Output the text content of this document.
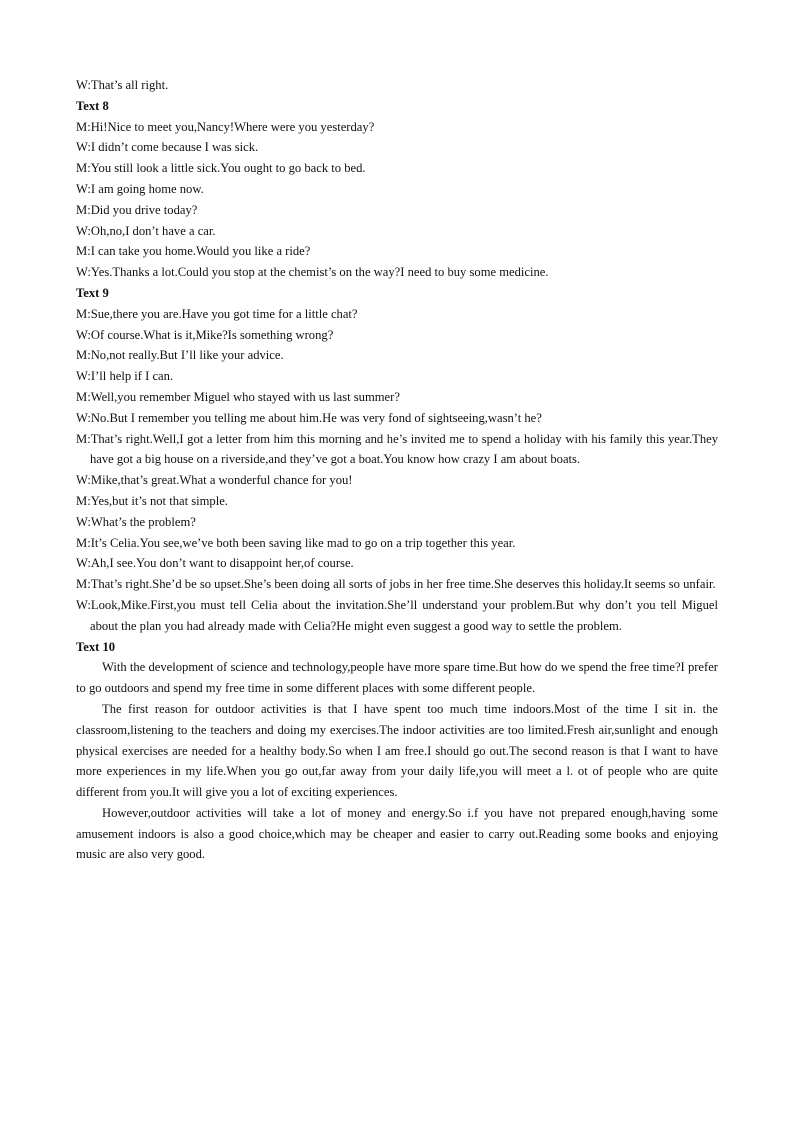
W:That’s all right.

Text 8

M:Hi!Nice to meet you,Nancy!Where were you yesterday?

W:I didn’t come because I was sick.

M:You still look a little sick.You ought to go back to bed.

W:I am going home now.

M:Did you drive today?

W:Oh,no,I don’t have a car.

M:I can take you home.Would you like a ride?

W:Yes.Thanks a lot.Could you stop at the chemist’s on the way?I need to buy some medicine.

Text 9

M:Sue,there you are.Have you got time for a little chat?

W:Of course.What is it,Mike?Is something wrong?

M:No,not really.But I’ll like your advice.

W:I’ll help if I can.

M:Well,you remember Miguel who stayed with us last summer?

W:No.But I remember you telling me about him.He was very fond of sightseeing,wasn’t he?

M:That’s right.Well,I got a letter from him this morning and he’s invited me to spend a holiday with his family this year.They have got a big house on a riverside,and they’ve got a boat.You know how crazy I am about boats.

W:Mike,that’s great.What a wonderful chance for you!

M:Yes,but it’s not that simple.

W:What’s the problem?

M:It’s Celia.You see,we’ve both been saving like mad to go on a trip together this year.

W:Ah,I see.You don’t want to disappoint her,of course.

M:That’s right.She’d be so upset.She’s been doing all sorts of jobs in her free time.She deserves this holiday.It seems so unfair.

W:Look,Mike.First,you must tell Celia about the invitation.She’ll understand your problem.But why don’t you tell Miguel about the plan you had already made with Celia?He might even suggest a good way to settle the problem.

Text 10

With the development of science and technology,people have more spare time.But how do we spend the free time?I prefer to go outdoors and spend my free time in some different places with some different people.

The first reason for outdoor activities is that I have spent too much time indoors.Most of the time I sit in. the classroom,listening to the teachers and doing my exercises.The indoor activities are too limited.Fresh air,sunlight and enough physical exercises are needed for a healthy body.So when I am free.I should go out.The second reason is that I want to have more experiences in my life.When you go out,far away from your daily life,you will meet a l. ot of people who are quite different from you.It will give you a lot of exciting experiences.

However,outdoor activities will take a lot of money and energy.So i.f you have not prepared enough,having some amusement indoors is also a good choice,which may be cheaper and easier to carry out.Reading some books and enjoying music are also very good.
